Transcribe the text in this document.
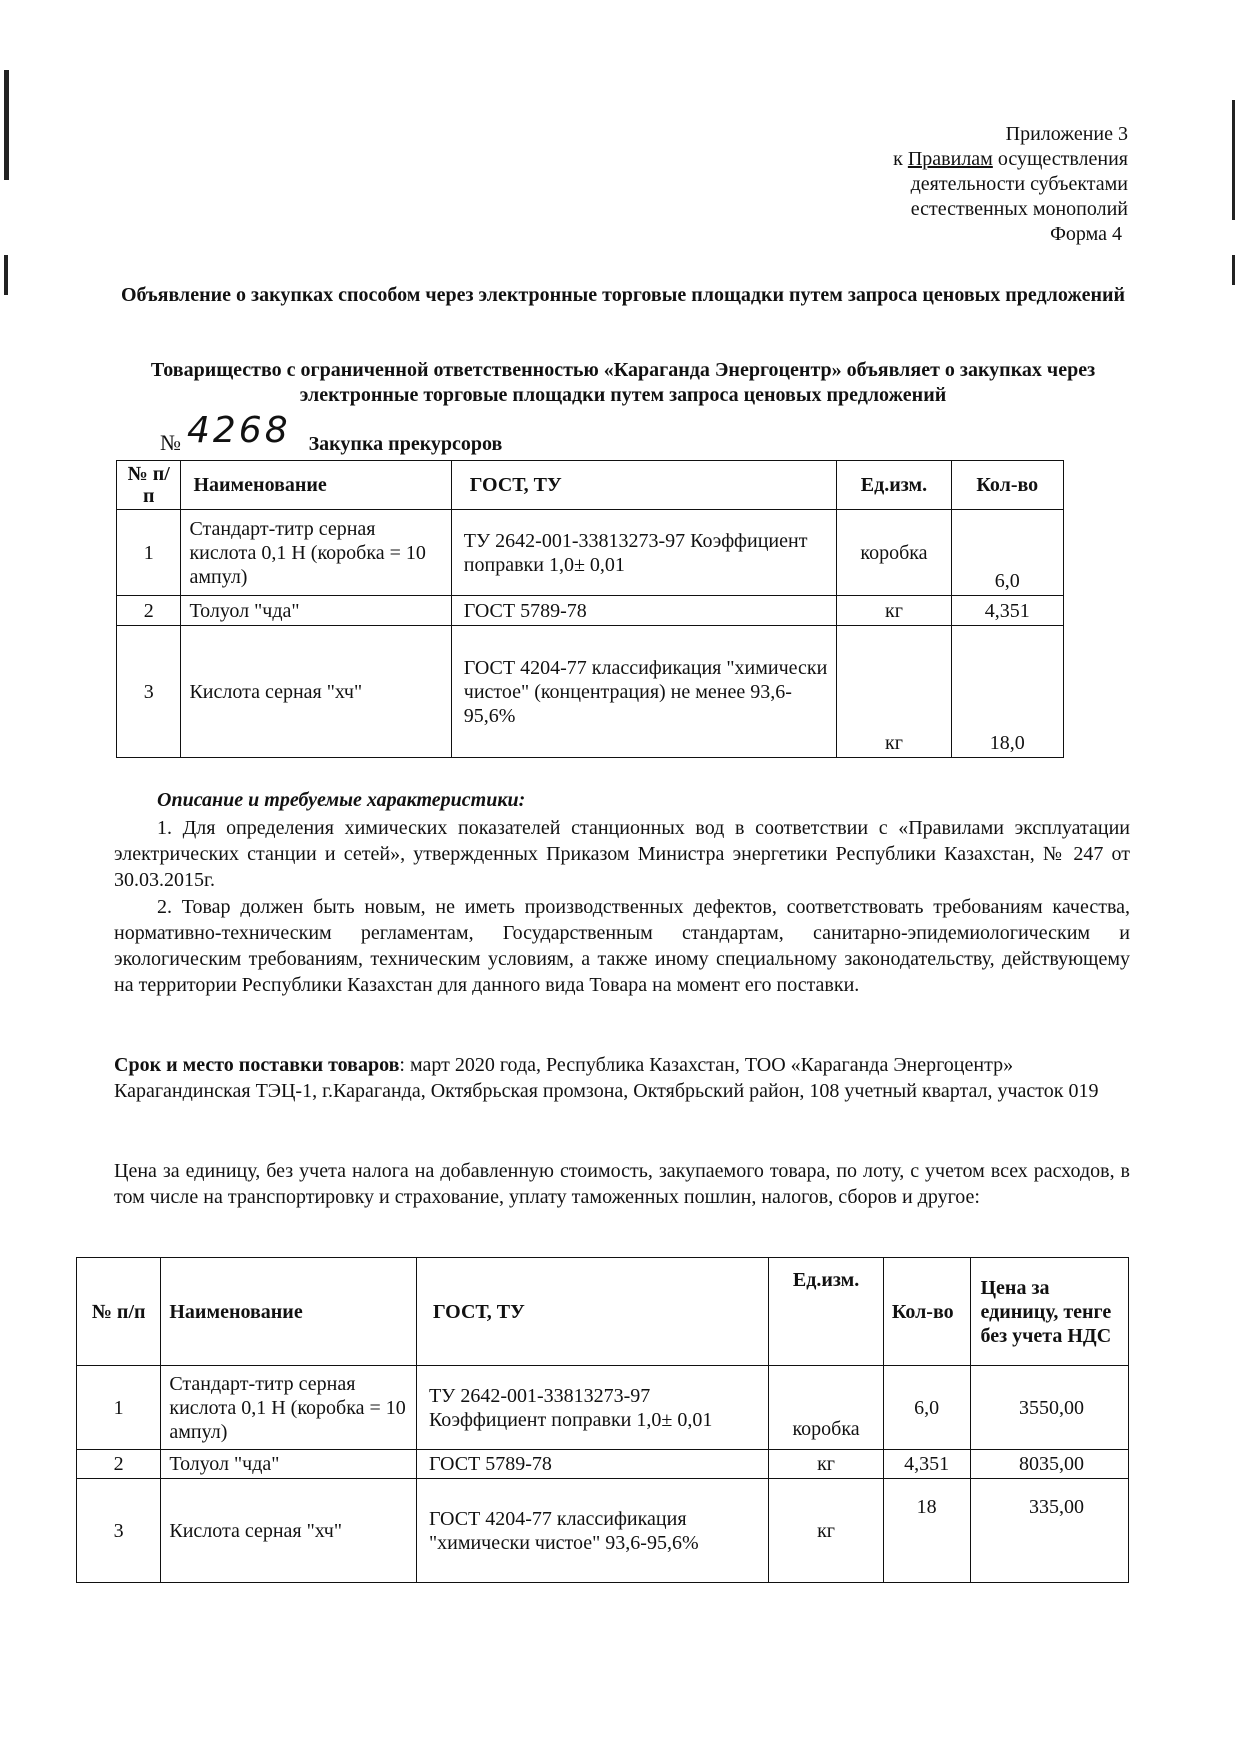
Приложение 3
к Правилам осуществления
деятельности субъектами
естественных монополий
Форма 4
Объявление о закупках способом через электронные торговые площадки путем запроса ценовых предложений
Товарищество с ограниченной ответственностью «Караганда Энергоцентр» объявляет о закупках через электронные торговые площадки путем запроса ценовых предложений
№ 4268 Закупка прекурсоров
№ п/п	Наименование	ГОСТ, ТУ	Ед.изм.	Кол-во
1	Стандарт-титр серная кислота 0,1 Н (коробка = 10 ампул)	ТУ 2642-001-33813273-97 Коэффициент поправки 1,0± 0,01	коробка	6,0
2	Толуол "чда"	ГОСТ 5789-78	кг	4,351
3	Кислота серная "хч"	ГОСТ 4204-77 классификация "химически чистое" (концентрация) не менее 93,6-95,6%	кг	18,0
Описание и требуемые характеристики:
1. Для определения химических показателей станционных вод в соответствии с «Правилами эксплуатации электрических станции и сетей», утвержденных Приказом Министра энергетики Республики Казахстан, № 247 от 30.03.2015г.
2. Товар должен быть новым, не иметь производственных дефектов, соответствовать требованиям качества, нормативно-техническим регламентам, Государственным стандартам, санитарно-эпидемиологическим и экологическим требованиям, техническим условиям, а также иному специальному законодательству, действующему на территории Республики Казахстан для данного вида Товара на момент его поставки.
Срок и место поставки товаров: март 2020 года, Республика Казахстан, ТОО «Караганда Энергоцентр» Карагандинская ТЭЦ-1, г.Караганда, Октябрьская промзона, Октябрьский район, 108 учетный квартал, участок 019
Цена за единицу, без учета налога на добавленную стоимость, закупаемого товара, по лоту, с учетом всех расходов, в том числе на транспортировку и страхование, уплату таможенных пошлин, налогов, сборов и другое:
№ п/п	Наименование	ГОСТ, ТУ	Ед.изм.	Кол-во	Цена за единицу, тенге без учета НДС
1	Стандарт-титр серная кислота 0,1 Н (коробка = 10 ампул)	ТУ 2642-001-33813273-97 Коэффициент поправки 1,0± 0,01	коробка	6,0	3550,00
2	Толуол "чда"	ГОСТ 5789-78	кг	4,351	8035,00
3	Кислота серная "хч"	ГОСТ 4204-77 классификация "химически чистое" 93,6-95,6%	кг	18	335,00
